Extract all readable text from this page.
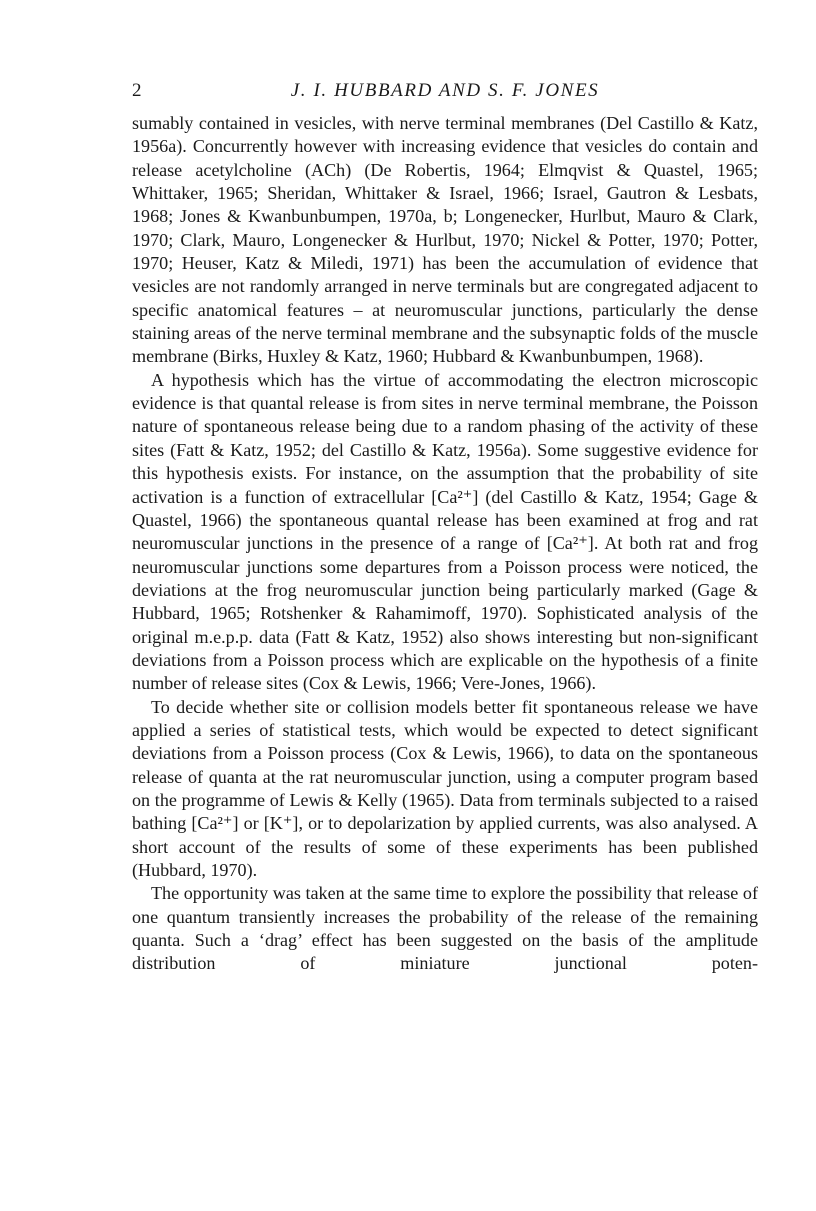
2	J. I. HUBBARD AND S. F. JONES

sumably contained in vesicles, with nerve terminal membranes (Del Castillo & Katz, 1956a). Concurrently however with increasing evidence that vesicles do contain and release acetylcholine (ACh) (De Robertis, 1964; Elmqvist & Quastel, 1965; Whittaker, 1965; Sheridan, Whittaker & Israel, 1966; Israel, Gautron & Lesbats, 1968; Jones & Kwanbunbumpen, 1970a, b; Longenecker, Hurlbut, Mauro & Clark, 1970; Clark, Mauro, Longenecker & Hurlbut, 1970; Nickel & Potter, 1970; Potter, 1970; Heuser, Katz & Miledi, 1971) has been the accumulation of evidence that vesicles are not randomly arranged in nerve terminals but are congregated adjacent to specific anatomical features – at neuromuscular junctions, particularly the dense staining areas of the nerve terminal membrane and the subsynaptic folds of the muscle membrane (Birks, Huxley & Katz, 1960; Hubbard & Kwanbunbumpen, 1968).

A hypothesis which has the virtue of accommodating the electron microscopic evidence is that quantal release is from sites in nerve terminal membrane, the Poisson nature of spontaneous release being due to a random phasing of the activity of these sites (Fatt & Katz, 1952; del Castillo & Katz, 1956a). Some suggestive evidence for this hypothesis exists. For instance, on the assumption that the probability of site activation is a function of extracellular [Ca²⁺] (del Castillo & Katz, 1954; Gage & Quastel, 1966) the spontaneous quantal release has been examined at frog and rat neuromuscular junctions in the presence of a range of [Ca²⁺]. At both rat and frog neuromuscular junctions some departures from a Poisson process were noticed, the deviations at the frog neuromuscular junction being particularly marked (Gage & Hubbard, 1965; Rotshenker & Rahamimoff, 1970). Sophisticated analysis of the original m.e.p.p. data (Fatt & Katz, 1952) also shows interesting but non-significant deviations from a Poisson process which are explicable on the hypothesis of a finite number of release sites (Cox & Lewis, 1966; Vere-Jones, 1966).

To decide whether site or collision models better fit spontaneous release we have applied a series of statistical tests, which would be expected to detect significant deviations from a Poisson process (Cox & Lewis, 1966), to data on the spontaneous release of quanta at the rat neuromuscular junction, using a computer program based on the programme of Lewis & Kelly (1965). Data from terminals subjected to a raised bathing [Ca²⁺] or [K⁺], or to depolarization by applied currents, was also analysed. A short account of the results of some of these experiments has been published (Hubbard, 1970).

The opportunity was taken at the same time to explore the possibility that release of one quantum transiently increases the probability of the release of the remaining quanta. Such a ‘drag’ effect has been suggested on the basis of the amplitude distribution of miniature junctional poten-
